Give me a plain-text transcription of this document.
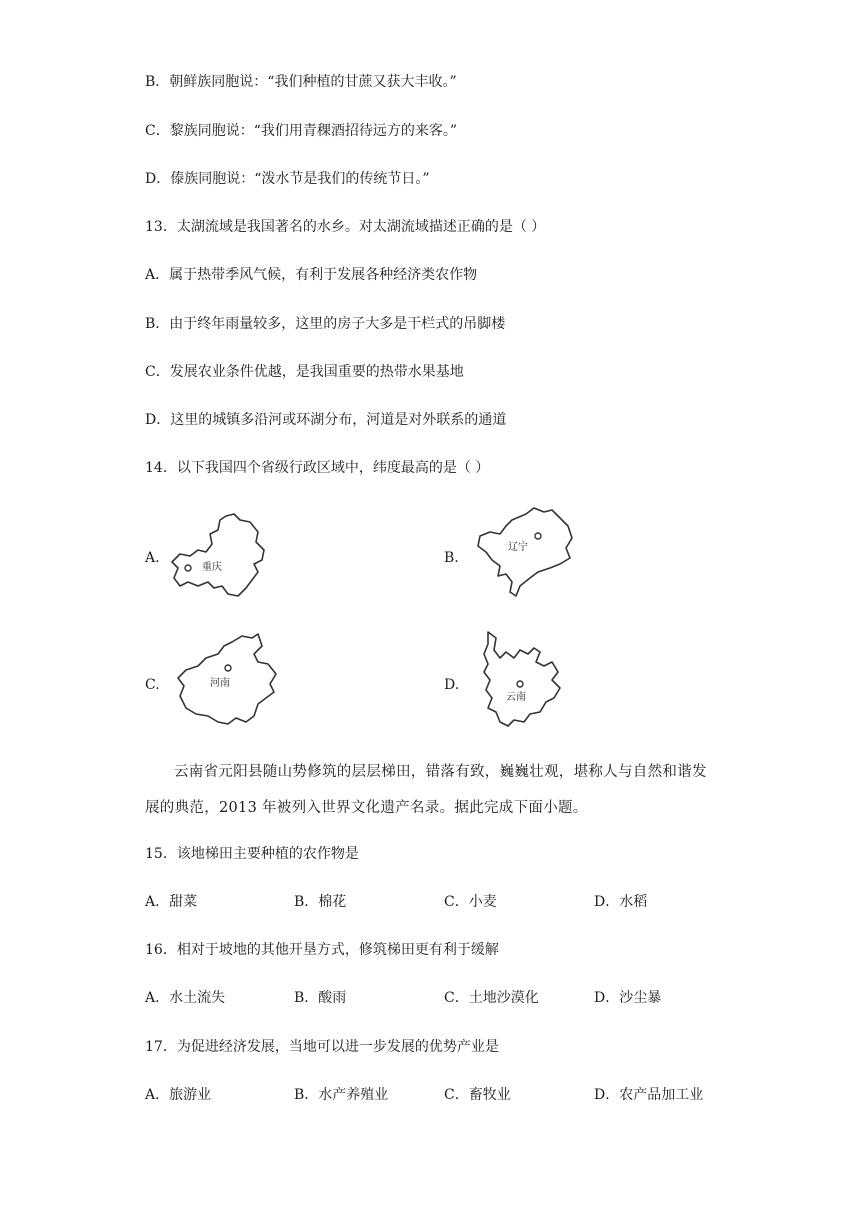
B．朝鲜族同胞说：“我们种植的甘蔗又获大丰收。”
C．黎族同胞说：“我们用青稞酒招待远方的来客。”
D．傣族同胞说：“泼水节是我们的传统节日。”
13．太湖流域是我国著名的水乡。对太湖流域描述正确的是（ ）
A．属于热带季风气候，有利于发展各种经济类农作物
B．由于终年雨量较多，这里的房子大多是干栏式的吊脚楼
C．发展农业条件优越，是我国重要的热带水果基地
D．这里的城镇多沿河或环湖分布，河道是对外联系的通道
14．以下我国四个省级行政区域中，纬度最高的是（ ）
A.
重庆
B.
辽宁
C.	河南	D.
云南
云南省元阳县随山势修筑的层层梯田，错落有致，巍巍壮观，堪称人与自然和谐发
展的典范，2013 年被列入世界文化遗产名录。据此完成下面小题。
15．该地梯田主要种植的农作物是
A．甜菜	B．棉花	C．小麦	D．水稻
16．相对于坡地的其他开垦方式，修筑梯田更有利于缓解
A．水土流失	B．酸雨	C．土地沙漠化	D．沙尘暴
17．为促进经济发展，当地可以进一步发展的优势产业是
A．旅游业	B．水产养殖业	C．畜牧业	D．农产品加工业
